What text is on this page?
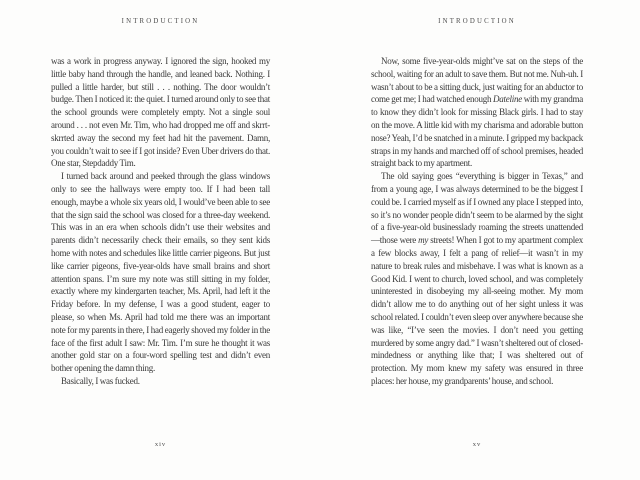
INTRODUCTION

was a work in progress anyway. I ignored the sign, hooked my little baby hand through the handle, and leaned back. Nothing. I pulled a little harder, but still . . . nothing. The door wouldn’t budge. Then I noticed it: the quiet. I turned around only to see that the school grounds were completely empty. Not a single soul around . . . not even Mr. Tim, who had dropped me off and skrrt-skrrted away the second my feet had hit the pavement. Damn, you couldn’t wait to see if I got inside? Even Uber drivers do that. One star, Stepdaddy Tim.

I turned back around and peeked through the glass windows only to see the hallways were empty too. If I had been tall enough, maybe a whole six years old, I would’ve been able to see that the sign said the school was closed for a three-day weekend. This was in an era when schools didn’t use their websites and parents didn’t necessarily check their emails, so they sent kids home with notes and schedules like little carrier pigeons. But just like carrier pigeons, five-year-olds have small brains and short attention spans. I’m sure my note was still sitting in my folder, exactly where my kindergarten teacher, Ms. April, had left it the Friday before. In my defense, I was a good student, eager to please, so when Ms. April had told me there was an important note for my parents in there, I had eagerly shoved my folder in the face of the first adult I saw: Mr. Tim. I’m sure he thought it was another gold star on a four-word spelling test and didn’t even bother opening the damn thing.

Basically, I was fucked.

xiv
INTRODUCTION

Now, some five-year-olds might’ve sat on the steps of the school, waiting for an adult to save them. But not me. Nuh-uh. I wasn’t about to be a sitting duck, just waiting for an abductor to come get me; I had watched enough Dateline with my grandma to know they didn’t look for missing Black girls. I had to stay on the move. A little kid with my charisma and adorable button nose? Yeah, I’d be snatched in a minute. I gripped my backpack straps in my hands and marched off of school premises, headed straight back to my apartment.

The old saying goes “everything is bigger in Texas,” and from a young age, I was always determined to be the biggest I could be. I carried myself as if I owned any place I stepped into, so it’s no wonder people didn’t seem to be alarmed by the sight of a five-year-old businesslady roaming the streets unattended—those were my streets! When I got to my apartment complex a few blocks away, I felt a pang of relief—it wasn’t in my nature to break rules and misbehave. I was what is known as a Good Kid. I went to church, loved school, and was completely uninterested in disobeying my all-seeing mother. My mom didn’t allow me to do anything out of her sight unless it was school related. I couldn’t even sleep over anywhere because she was like, “I’ve seen the movies. I don’t need you getting murdered by some angry dad.” I wasn’t sheltered out of closed-mindedness or anything like that; I was sheltered out of protection. My mom knew my safety was ensured in three places: her house, my grandparents’ house, and school.

xv
